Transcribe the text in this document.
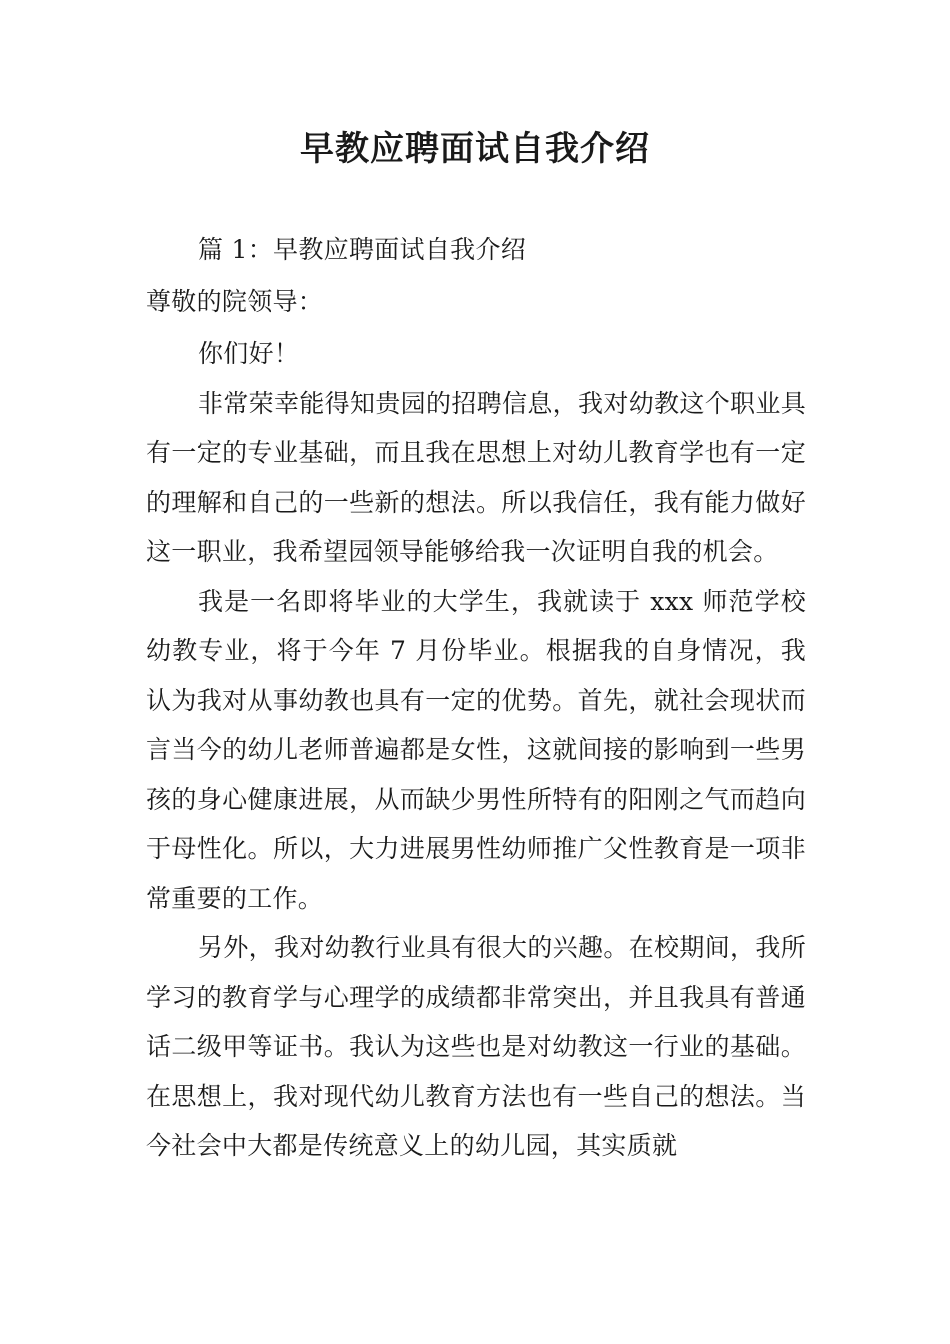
早教应聘面试自我介绍

篇 1：早教应聘面试自我介绍

尊敬的院领导：

你们好！

非常荣幸能得知贵园的招聘信息，我对幼教这个职业具有一定的专业基础，而且我在思想上对幼儿教育学也有一定的理解和自己的一些新的想法。所以我信任，我有能力做好这一职业，我希望园领导能够给我一次证明自我的机会。

我是一名即将毕业的大学生，我就读于 xxx 师范学校幼教专业，将于今年 7 月份毕业。根据我的自身情况，我认为我对从事幼教也具有一定的优势。首先，就社会现状而言当今的幼儿老师普遍都是女性，这就间接的影响到一些男孩的身心健康进展，从而缺少男性所特有的阳刚之气而趋向于母性化。所以，大力进展男性幼师推广父性教育是一项非常重要的工作。

另外，我对幼教行业具有很大的兴趣。在校期间，我所学习的教育学与心理学的成绩都非常突出，并且我具有普通话二级甲等证书。我认为这些也是对幼教这一行业的基础。在思想上，我对现代幼儿教育方法也有一些自己的想法。当今社会中大都是传统意义上的幼儿园，其实质就
